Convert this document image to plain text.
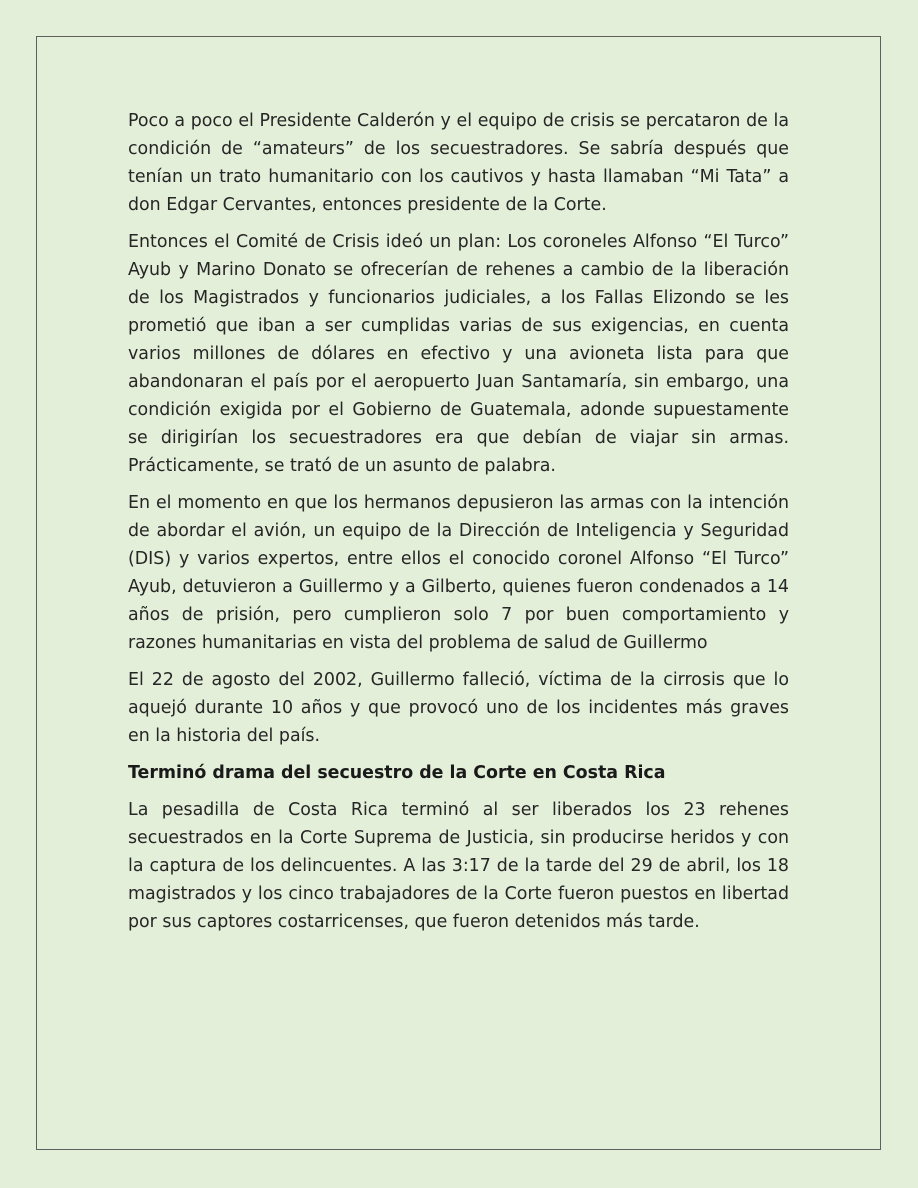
Poco a poco el Presidente Calderón y el equipo de crisis se percataron de la condición de “amateurs” de los secuestradores. Se sabría después que tenían un trato humanitario con los cautivos y hasta llamaban “Mi Tata” a don Edgar Cervantes, entonces presidente de la Corte.

Entonces el Comité de Crisis ideó un plan: Los coroneles Alfonso “El Turco” Ayub y Marino Donato se ofrecerían de rehenes a cambio de la liberación de los Magistrados y funcionarios judiciales, a los Fallas Elizondo se les prometió que iban a ser cumplidas varias de sus exigencias, en cuenta varios millones de dólares en efectivo y una avioneta lista para que abandonaran el país por el aeropuerto Juan Santamaría, sin embargo, una condición exigida por el Gobierno de Guatemala, adonde supuestamente se dirigirían los secuestradores era que debían de viajar sin armas. Prácticamente, se trató de un asunto de palabra.

En el momento en que los hermanos depusieron las armas con la intención de abordar el avión, un equipo de la Dirección de Inteligencia y Seguridad (DIS) y varios expertos, entre ellos el conocido coronel Alfonso “El Turco” Ayub, detuvieron a Guillermo y a Gilberto, quienes fueron condenados a 14 años de prisión, pero cumplieron solo 7 por buen comportamiento y razones humanitarias en vista del problema de salud de Guillermo

El 22 de agosto del 2002, Guillermo falleció, víctima de la cirrosis que lo aquejó durante 10 años y que provocó uno de los incidentes más graves en la historia del país.

Terminó drama del secuestro de la Corte en Costa Rica

La pesadilla de Costa Rica terminó al ser liberados los 23 rehenes secuestrados en la Corte Suprema de Justicia, sin producirse heridos y con la captura de los delincuentes. A las 3:17 de la tarde del 29 de abril, los 18 magistrados y los cinco trabajadores de la Corte fueron puestos en libertad por sus captores costarricenses, que fueron detenidos más tarde.
